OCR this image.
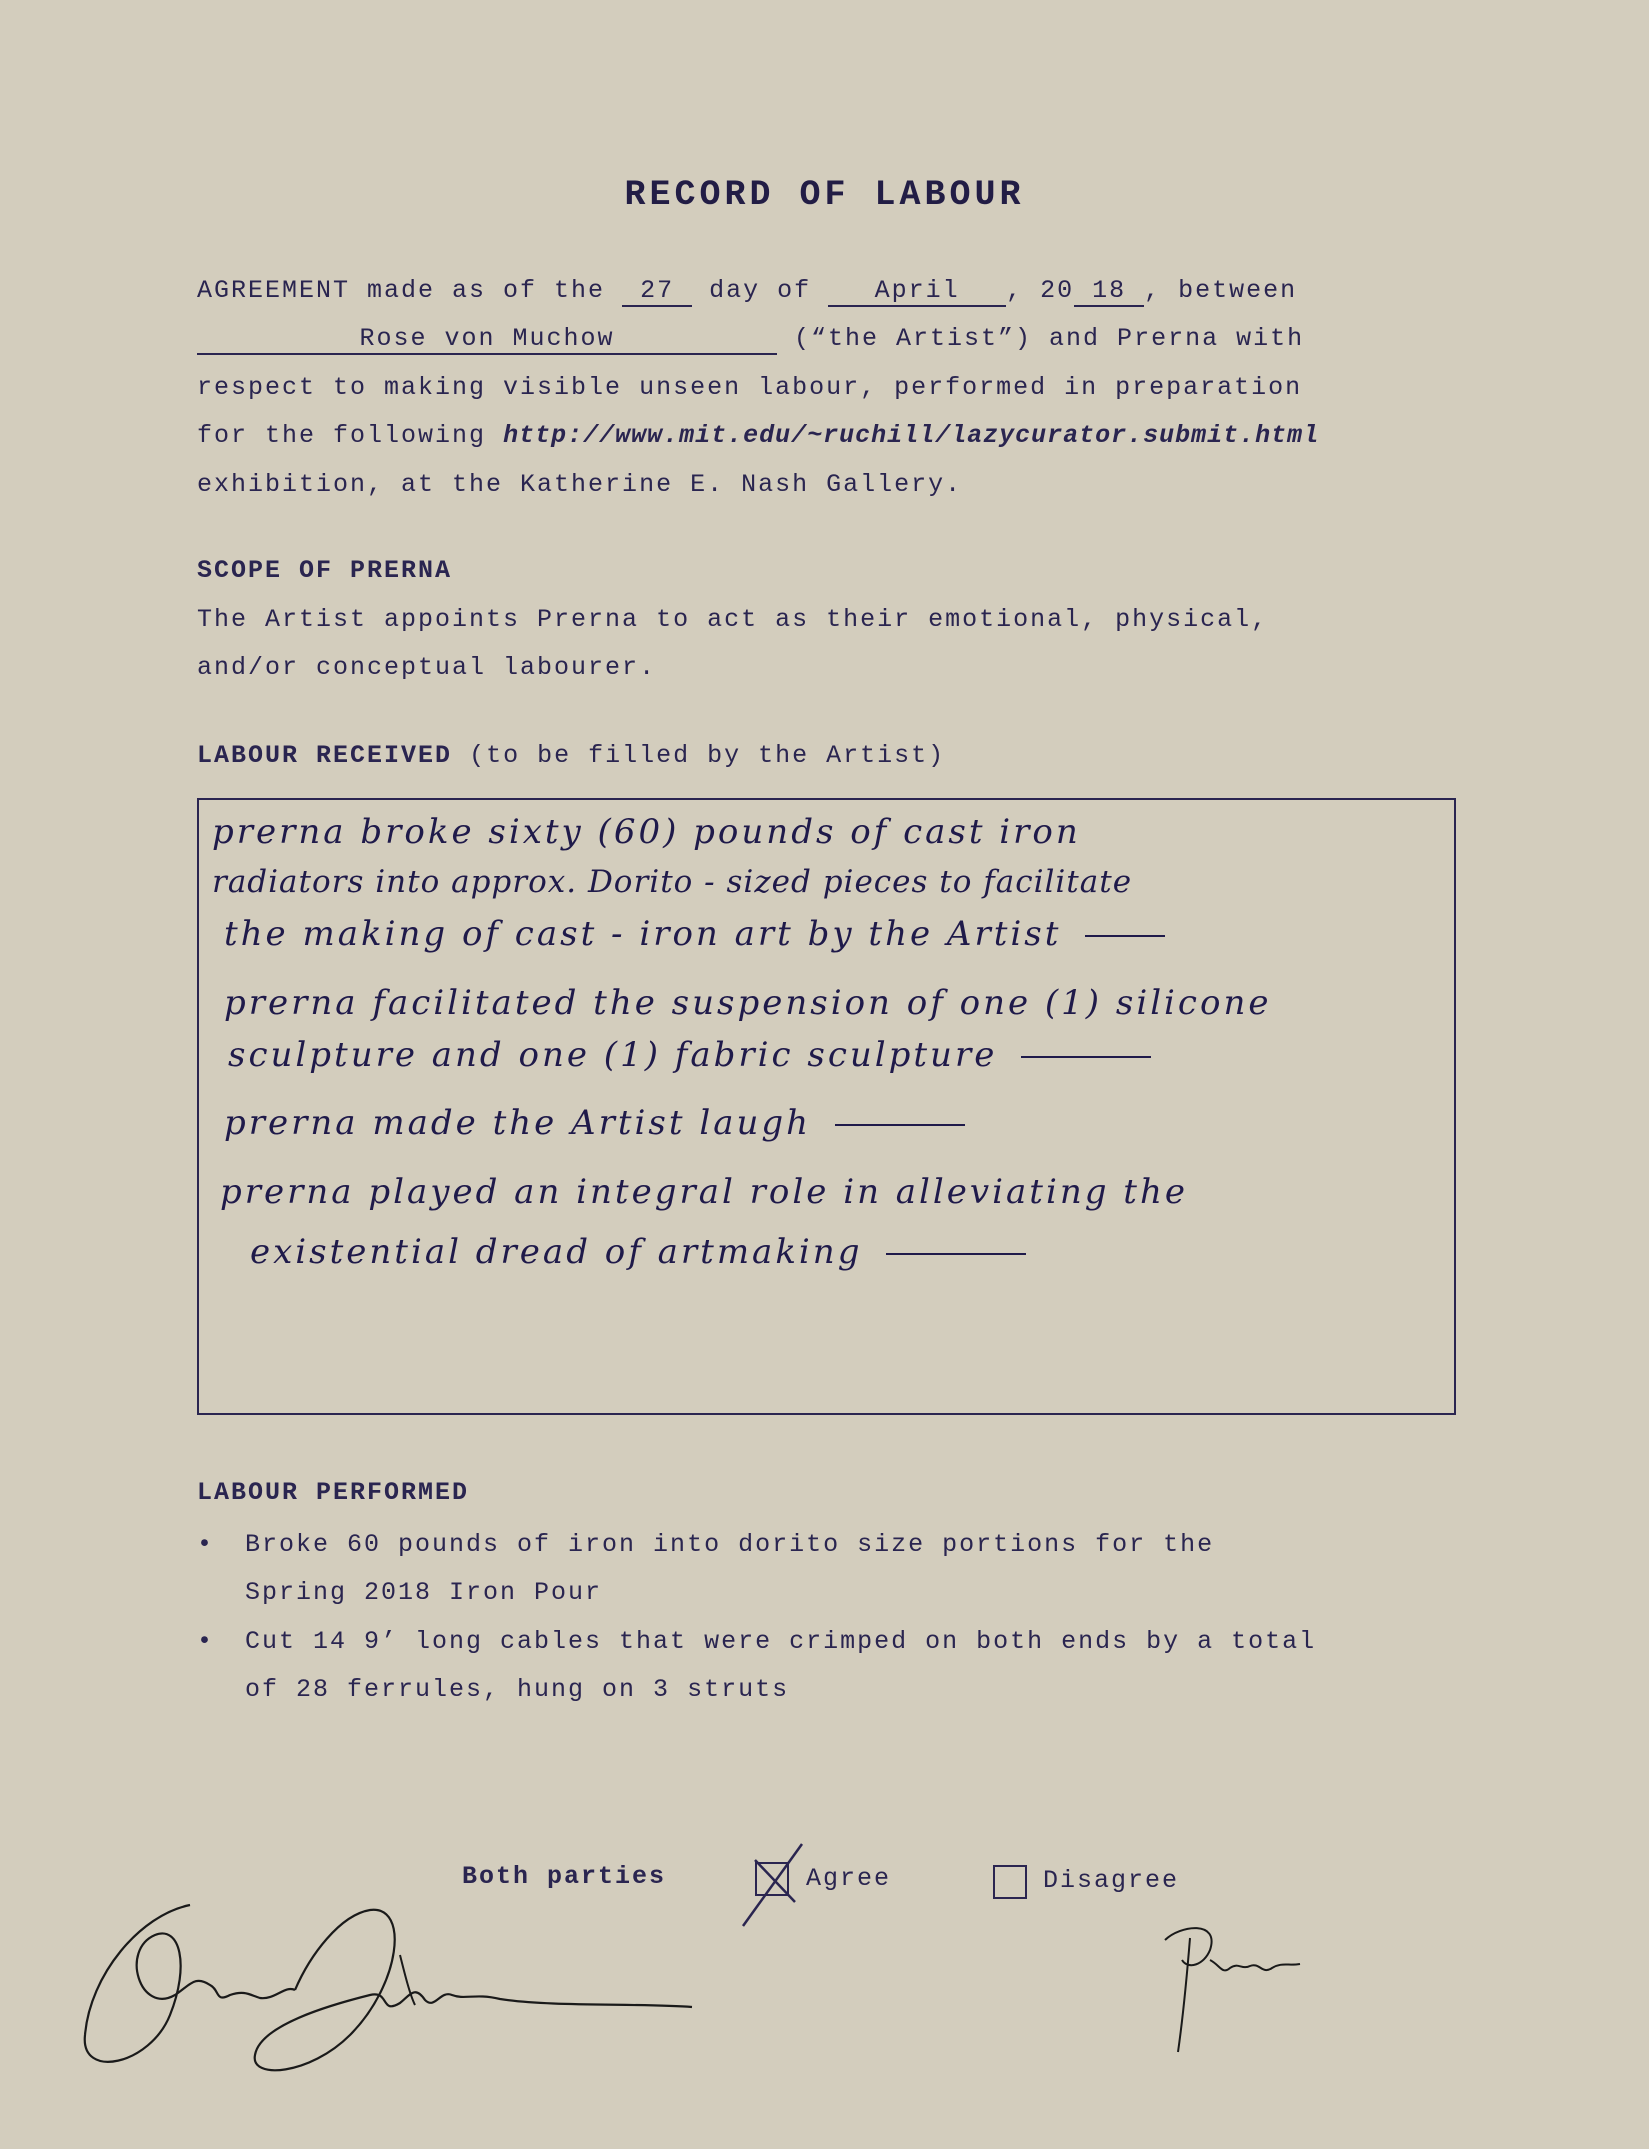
RECORD OF LABOUR
AGREEMENT made as of the 27 day of	April , 20 18 , between
Rose von Muchow	(“the Artist”) and Prerna with
respect to making visible unseen labour, performed in preparation
for the following http://www.mit.edu/~ruchill/lazycurator.submit.html
exhibition, at the Katherine E. Nash Gallery.
SCOPE OF PRERNA
The Artist appoints Prerna to act as their emotional, physical,
and/or conceptual labourer.
LABOUR RECEIVED (to be filled by the Artist)
prerna broke sixty (60) pounds of cast iron
radiators into approx. Dorito - sized pieces to facilitate
the making of cast - iron art by the Artist
prerna facilitated the suspension of one (1) silicone
sculpture and one (1) fabric sculpture
prerna made the Artist laugh
prerna played an integral role in alleviating the
existential dread of artmaking
LABOUR PERFORMED
• Broke 60 pounds of iron into dorito size portions for the
Spring 2018 Iron Pour
• Cut 14 9’ long cables that were crimped on both ends by a total
of 28 ferrules, hung on 3 struts
Both parties	Agree	Disagree
